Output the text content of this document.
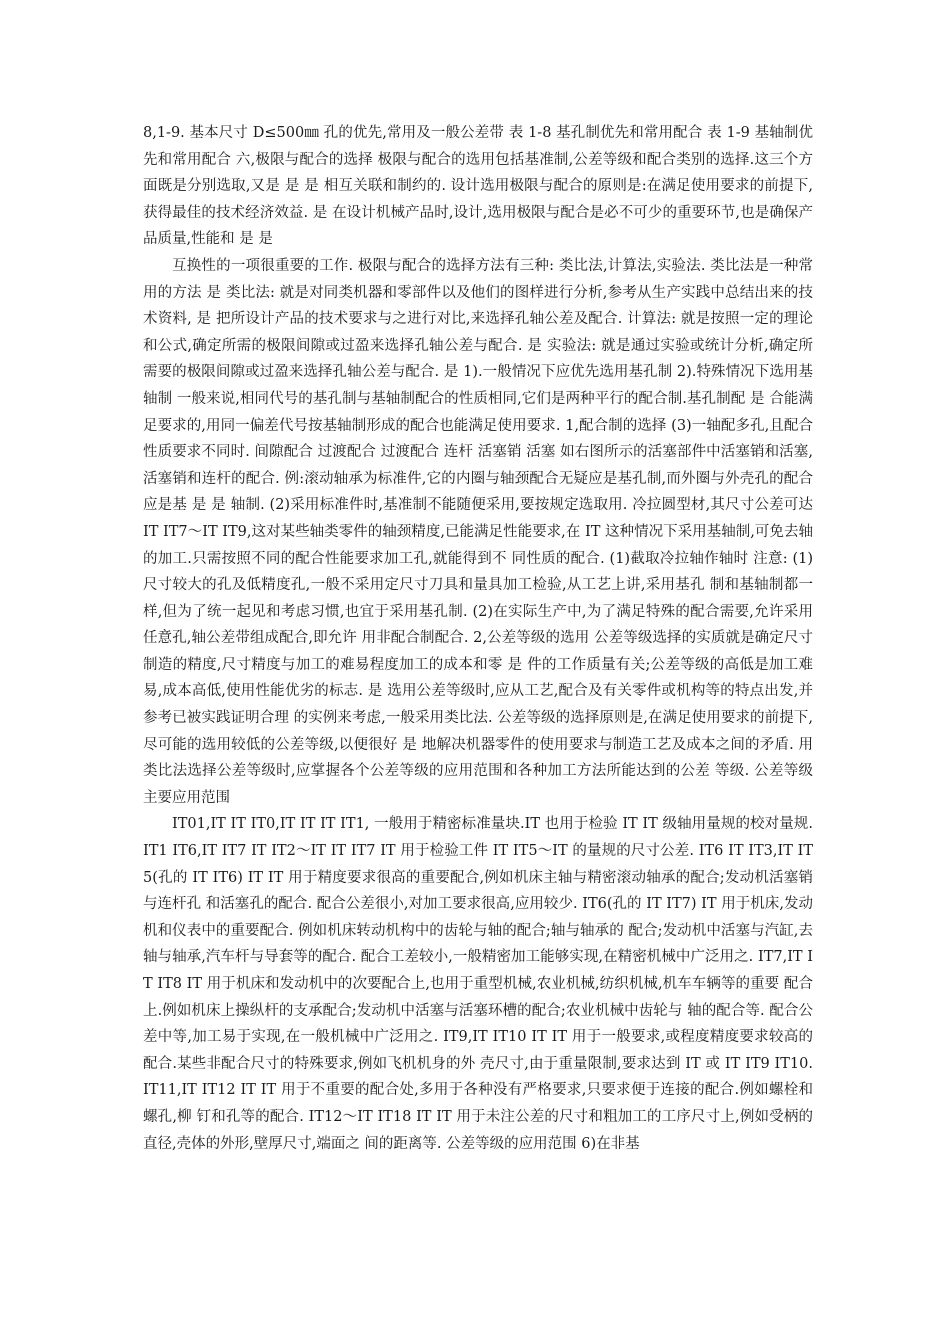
8,1-9. 基本尺寸 D≤500㎜ 孔的优先,常用及一般公差带 表 1-8 基孔制优先和常用配合 表 1-9 基轴制优先和常用配合 六,极限与配合的选择 极限与配合的选用包括基准制,公差等级和配合类别的选择.这三个方面既是分别选取,又是 是 是 相互关联和制约的. 设计选用极限与配合的原则是:在满足使用要求的前提下,获得最佳的技术经济效益. 是 在设计机械产品时,设计,选用极限与配合是必不可少的重要环节,也是确保产品质量,性能和 是 是

互换性的一项很重要的工作. 极限与配合的选择方法有三种: 类比法,计算法,实验法. 类比法是一种常用的方法 是 类比法: 就是对同类机器和零部件以及他们的图样进行分析,参考从生产实践中总结出来的技术资料, 是 把所设计产品的技术要求与之进行对比,来选择孔轴公差及配合. 计算法: 就是按照一定的理论和公式,确定所需的极限间隙或过盈来选择孔轴公差与配合. 是 实验法: 就是通过实验或统计分析,确定所需要的极限间隙或过盈来选择孔轴公差与配合. 是 1).一般情况下应优先选用基孔制 2).特殊情况下选用基轴制 一般来说,相同代号的基孔制与基轴制配合的性质相同,它们是两种平行的配合制.基孔制配 是 合能满足要求的,用同一偏差代号按基轴制形成的配合也能满足使用要求. 1,配合制的选择 (3)一轴配多孔,且配合性质要求不同时. 间隙配合 过渡配合 过渡配合 连杆 活塞销 活塞 如右图所示的活塞部件中活塞销和活塞,活塞销和连杆的配合. 例:滚动轴承为标准件,它的内圈与轴颈配合无疑应是基孔制,而外圈与外壳孔的配合应是基 是 是 轴制. (2)采用标准件时,基准制不能随便采用,要按规定选取用. 冷拉圆型材,其尺寸公差可达 IT IT7～IT IT9,这对某些轴类零件的轴颈精度,已能满足性能要求,在 IT 这种情况下采用基轴制,可免去轴的加工.只需按照不同的配合性能要求加工孔,就能得到不 同性质的配合. (1)截取冷拉轴作轴时 注意: (1)尺寸较大的孔及低精度孔,一般不采用定尺寸刀具和量具加工检验,从工艺上讲,采用基孔 制和基轴制都一样,但为了统一起见和考虑习惯,也宜于采用基孔制. (2)在实际生产中,为了满足特殊的配合需要,允许采用任意孔,轴公差带组成配合,即允许 用非配合制配合. 2,公差等级的选用 公差等级选择的实质就是确定尺寸制造的精度,尺寸精度与加工的难易程度加工的成本和零 是 件的工作质量有关;公差等级的高低是加工难易,成本高低,使用性能优劣的标志. 是 选用公差等级时,应从工艺,配合及有关零件或机构等的特点出发,并参考已被实践证明合理 的实例来考虑,一般采用类比法. 公差等级的选择原则是,在满足使用要求的前提下,尽可能的选用较低的公差等级,以便很好 是 地解决机器零件的使用要求与制造工艺及成本之间的矛盾. 用类比法选择公差等级时,应掌握各个公差等级的应用范围和各种加工方法所能达到的公差 等级. 公差等级 主要应用范围

IT01,IT IT IT0,IT IT IT IT1, 一般用于精密标准量块.IT 也用于检验 IT IT 级轴用量规的校对量规. IT1 IT6,IT IT7 IT IT2～IT IT IT7 IT 用于检验工件 IT IT5～IT 的量规的尺寸公差. IT6 IT IT3,IT IT5(孔的 IT IT6) IT IT 用于精度要求很高的重要配合,例如机床主轴与精密滚动轴承的配合;发动机活塞销与连杆孔 和活塞孔的配合. 配合公差很小,对加工要求很高,应用较少. IT6(孔的 IT IT7) IT 用于机床,发动机和仪表中的重要配合. 例如机床转动机构中的齿轮与轴的配合;轴与轴承的 配合;发动机中活塞与汽缸,去轴与轴承,汽车杆与导套等的配合. 配合工差较小,一般精密加工能够实现,在精密机械中广泛用之. IT7,IT IT IT8 IT 用于机床和发动机中的次要配合上,也用于重型机械,农业机械,纺织机械,机车车辆等的重要 配合上.例如机床上操纵杆的支承配合;发动机中活塞与活塞环槽的配合;农业机械中齿轮与 轴的配合等. 配合公差中等,加工易于实现,在一般机械中广泛用之. IT9,IT IT10 IT IT 用于一般要求,或程度精度要求较高的配合.某些非配合尺寸的特殊要求,例如飞机机身的外 壳尺寸,由于重量限制,要求达到 IT 或 IT IT9 IT10. IT11,IT IT12 IT IT 用于不重要的配合处,多用于各种没有严格要求,只要求便于连接的配合.例如螺栓和螺孔,柳 钉和孔等的配合. IT12～IT IT18 IT IT 用于未注公差的尺寸和粗加工的工序尺寸上,例如受柄的直径,壳体的外形,壁厚尺寸,端面之 间的距离等. 公差等级的应用范围 6)在非基
